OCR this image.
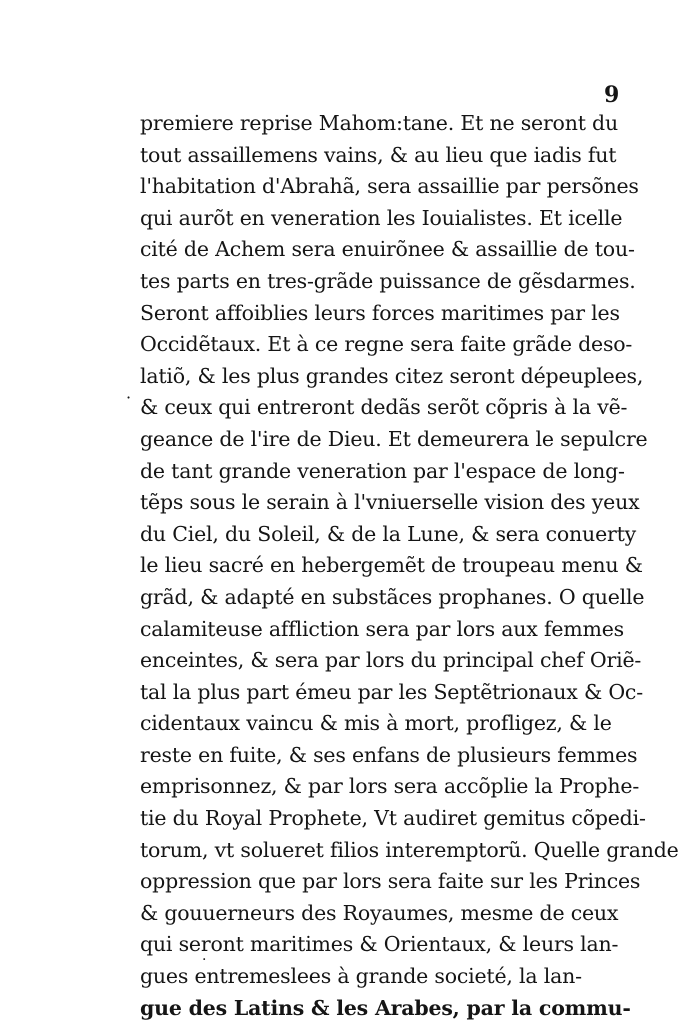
9
·
premiere reprise Mahom:tane. Et ne seront du
tout assaillemens vains, & au lieu que iadis fut
l'habitation d'Abrahã, sera assaillie par persõnes
qui aurõt en veneration les Iouialistes. Et icelle
cité de Achem sera enuirõnee & assaillie de tou-
tes parts en tres-grãde puissance de gẽsdarmes.
Seront affoiblies leurs forces maritimes par les
Occidẽtaux. Et à ce regne sera faite grãde deso-
latiõ, & les plus grandes citez seront dépeuplees,
& ceux qui entreront dedãs serõt cõpris à la vẽ-
geance de l'ire de Dieu. Et demeurera le sepulcre
de tant grande veneration par l'espace de long-
tẽps sous le serain à l'vniuerselle vision des yeux
du Ciel, du Soleil, & de la Lune, & sera conuerty
le lieu sacré en hebergemẽt de troupeau menu &
grãd, & adapté en substãces prophanes. O quelle
calamiteuse affliction sera par lors aux femmes
enceintes, & sera par lors du principal chef Oriẽ-
tal la plus part émeu par les Septẽtrionaux & Oc-
cidentaux vaincu & mis à mort, profligez, & le
reste en fuite, & ses enfans de plusieurs femmes
emprisonnez, & par lors sera accõplie la Prophe-
tie du Royal Prophete, Vt audiret gemitus cõpedi-
torum, vt solueret filios interemptorũ. Quelle grande
oppression que par lors sera faite sur les Princes
& gouuerneurs des Royaumes, mesme de ceux
qui seront maritimes & Orientaux, & leurs lan-
gues entremeslees à grande societé, la lan-
gue des Latins & les Arabes, par la commu-
·
